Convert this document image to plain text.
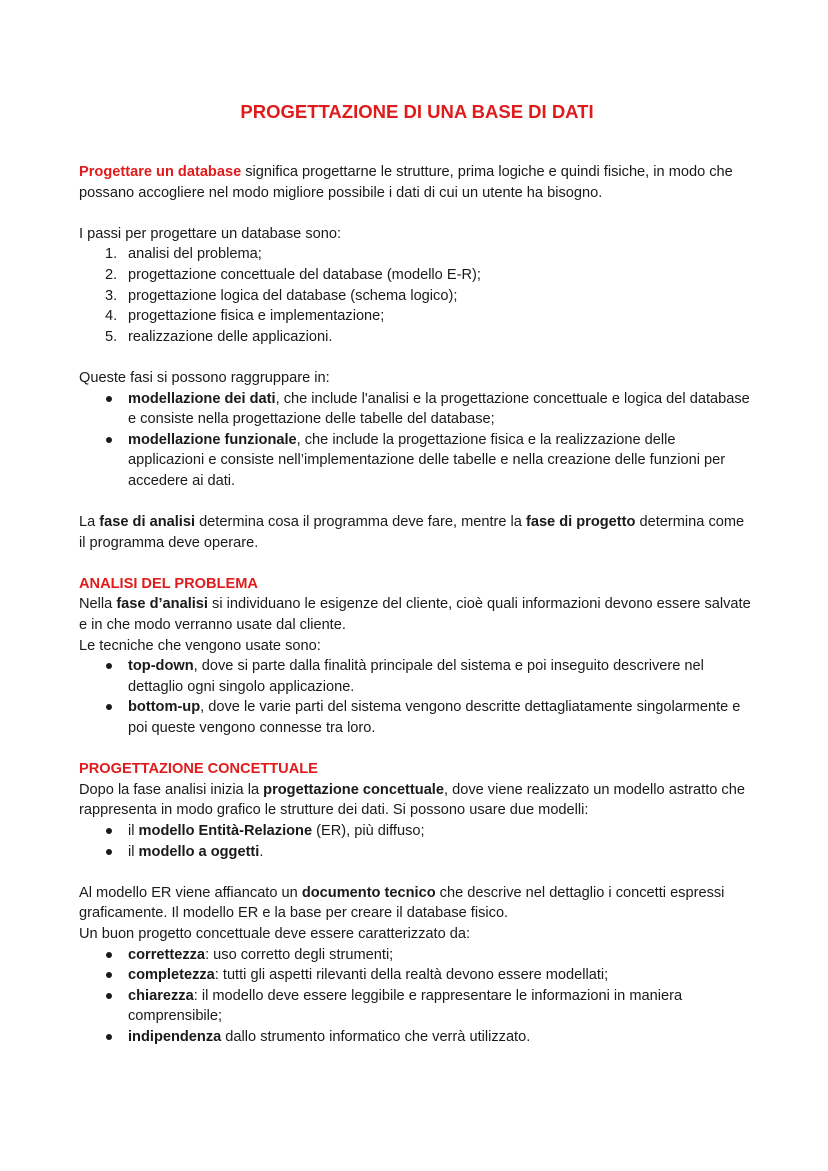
PROGETTAZIONE DI UNA BASE DI DATI

Progettare un database significa progettarne le strutture, prima logiche e quindi fisiche, in modo che possano accogliere nel modo migliore possibile i dati di cui un utente ha bisogno.

I passi per progettare un database sono:

1. analisi del problema;
2. progettazione concettuale del database (modello E-R);
3. progettazione logica del database (schema logico);
4. progettazione fisica e implementazione;
5. realizzazione delle applicazioni.

Queste fasi si possono raggruppare in:

modellazione dei dati, che include l'analisi e la progettazione concettuale e logica del database e consiste nella progettazione delle tabelle del database;
modellazione funzionale, che include la progettazione fisica e la realizzazione delle applicazioni e consiste nell’implementazione delle tabelle e nella creazione delle funzioni per accedere ai dati.

La fase di analisi determina cosa il programma deve fare, mentre la fase di progetto determina come il programma deve operare.

ANALISI DEL PROBLEMA

Nella fase d’analisi si individuano le esigenze del cliente, cioè quali informazioni devono essere salvate e in che modo verranno usate dal cliente.

Le tecniche che vengono usate sono:

top-down, dove si parte dalla finalità principale del sistema e poi inseguito descrivere nel dettaglio ogni singolo applicazione.
bottom-up, dove le varie parti del sistema vengono descritte dettagliatamente singolarmente e poi queste vengono connesse tra loro.

PROGETTAZIONE CONCETTUALE

Dopo la fase analisi inizia la progettazione concettuale, dove viene realizzato un modello astratto che rappresenta in modo grafico le strutture dei dati. Si possono usare due modelli:

il modello Entità-Relazione (ER), più diffuso;
il modello a oggetti.

Al modello ER viene affiancato un documento tecnico che descrive nel dettaglio i concetti espressi graficamente. Il modello ER e la base per creare il database fisico.

Un buon progetto concettuale deve essere caratterizzato da:

correttezza: uso corretto degli strumenti;
completezza: tutti gli aspetti rilevanti della realtà devono essere modellati;
chiarezza: il modello deve essere leggibile e rappresentare le informazioni in maniera comprensibile;
indipendenza dallo strumento informatico che verrà utilizzato.
